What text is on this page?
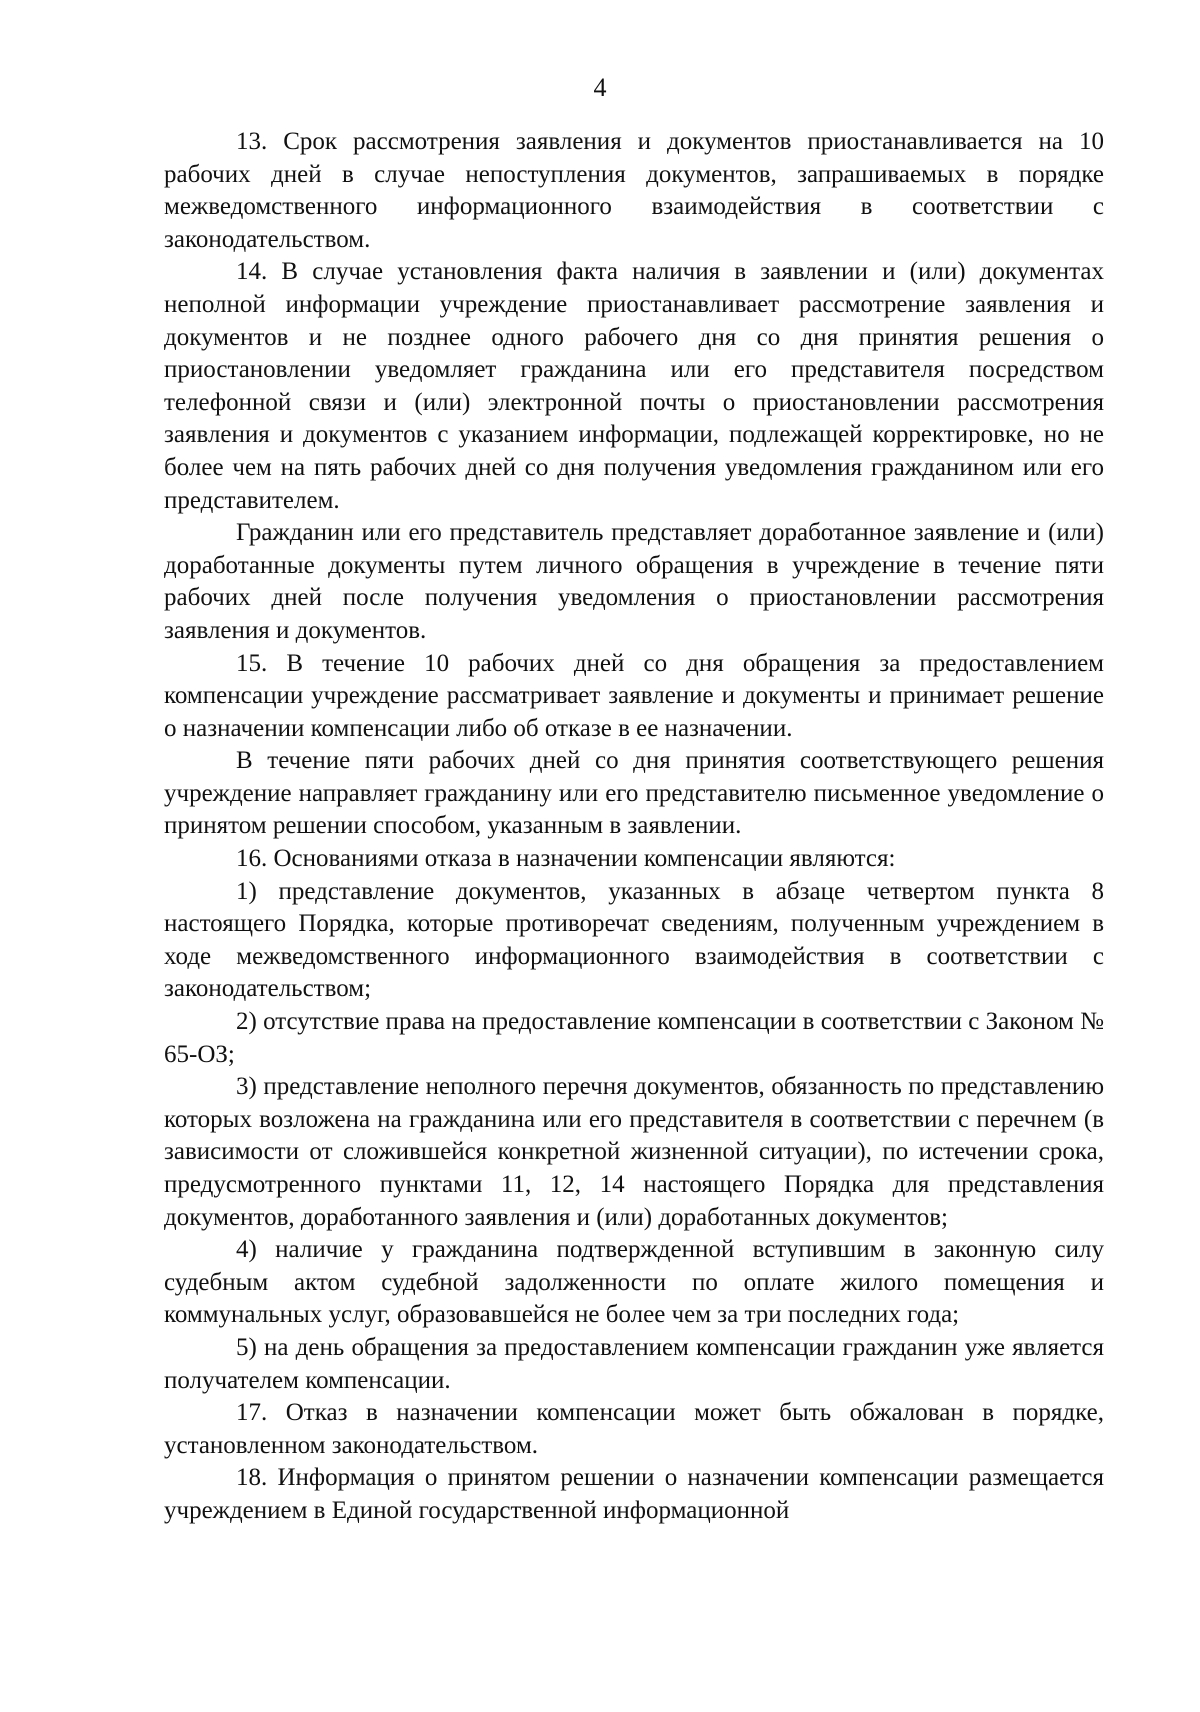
4

13. Срок рассмотрения заявления и документов приостанавливается на 10 рабочих дней в случае непоступления документов, запрашиваемых в порядке межведомственного информационного взаимодействия в соответствии с законодательством.

14. В случае установления факта наличия в заявлении и (или) документах неполной информации учреждение приостанавливает рассмотрение заявления и документов и не позднее одного рабочего дня со дня принятия решения о приостановлении уведомляет гражданина или его представителя посредством телефонной связи и (или) электронной почты о приостановлении рассмотрения заявления и документов с указанием информации, подлежащей корректировке, но не более чем на пять рабочих дней со дня получения уведомления гражданином или его представителем.

Гражданин или его представитель представляет доработанное заявление и (или) доработанные документы путем личного обращения в учреждение в течение пяти рабочих дней после получения уведомления о приостановлении рассмотрения заявления и документов.

15. В течение 10 рабочих дней со дня обращения за предоставлением компенсации учреждение рассматривает заявление и документы и принимает решение о назначении компенсации либо об отказе в ее назначении.

В течение пяти рабочих дней со дня принятия соответствующего решения учреждение направляет гражданину или его представителю письменное уведомление о принятом решении способом, указанным в заявлении.

16. Основаниями отказа в назначении компенсации являются:

1) представление документов, указанных в абзаце четвертом пункта 8 настоящего Порядка, которые противоречат сведениям, полученным учреждением в ходе межведомственного информационного взаимодействия в соответствии с законодательством;

2) отсутствие права на предоставление компенсации в соответствии с Законом № 65-ОЗ;

3) представление неполного перечня документов, обязанность по представлению которых возложена на гражданина или его представителя в соответствии с перечнем (в зависимости от сложившейся конкретной жизненной ситуации), по истечении срока, предусмотренного пунктами 11, 12, 14 настоящего Порядка для представления документов, доработанного заявления и (или) доработанных документов;

4) наличие у гражданина подтвержденной вступившим в законную силу судебным актом судебной задолженности по оплате жилого помещения и коммунальных услуг, образовавшейся не более чем за три последних года;

5) на день обращения за предоставлением компенсации гражданин уже является получателем компенсации.

17. Отказ в назначении компенсации может быть обжалован в порядке, установленном законодательством.

18. Информация о принятом решении о назначении компенсации размещается учреждением в Единой государственной информационной
